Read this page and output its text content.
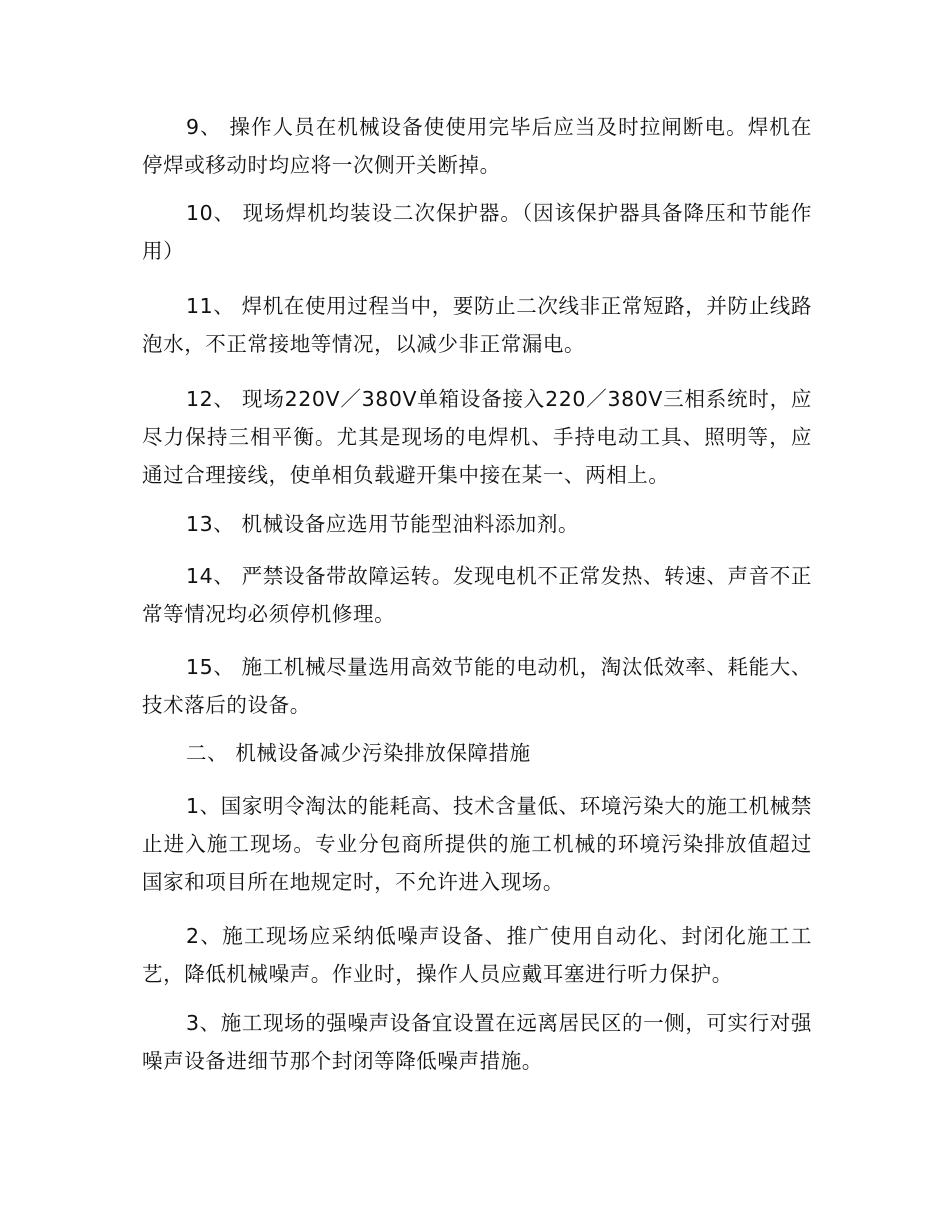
9、 操作人员在机械设备使使用完毕后应当及时拉闸断电。焊机在停焊或移动时均应将一次侧开关断掉。

10、 现场焊机均装设二次保护器。（因该保护器具备降压和节能作用）

11、 焊机在使用过程当中，要防止二次线非正常短路，并防止线路泡水，不正常接地等情况，以减少非正常漏电。

12、 现场220V／380V单箱设备接入220／380V三相系统时，应尽力保持三相平衡。尤其是现场的电焊机、手持电动工具、照明等，应通过合理接线，使单相负载避开集中接在某一、两相上。

13、 机械设备应选用节能型油料添加剂。

14、 严禁设备带故障运转。发现电机不正常发热、转速、声音不正常等情况均必须停机修理。

15、 施工机械尽量选用高效节能的电动机，淘汰低效率、耗能大、技术落后的设备。

二、 机械设备减少污染排放保障措施

1、国家明令淘汰的能耗高、技术含量低、环境污染大的施工机械禁止进入施工现场。专业分包商所提供的施工机械的环境污染排放值超过国家和项目所在地规定时，不允许进入现场。

2、施工现场应采纳低噪声设备、推广使用自动化、封闭化施工工艺，降低机械噪声。作业时，操作人员应戴耳塞进行听力保护。

3、施工现场的强噪声设备宜设置在远离居民区的一侧，可实行对强噪声设备进细节那个封闭等降低噪声措施。
